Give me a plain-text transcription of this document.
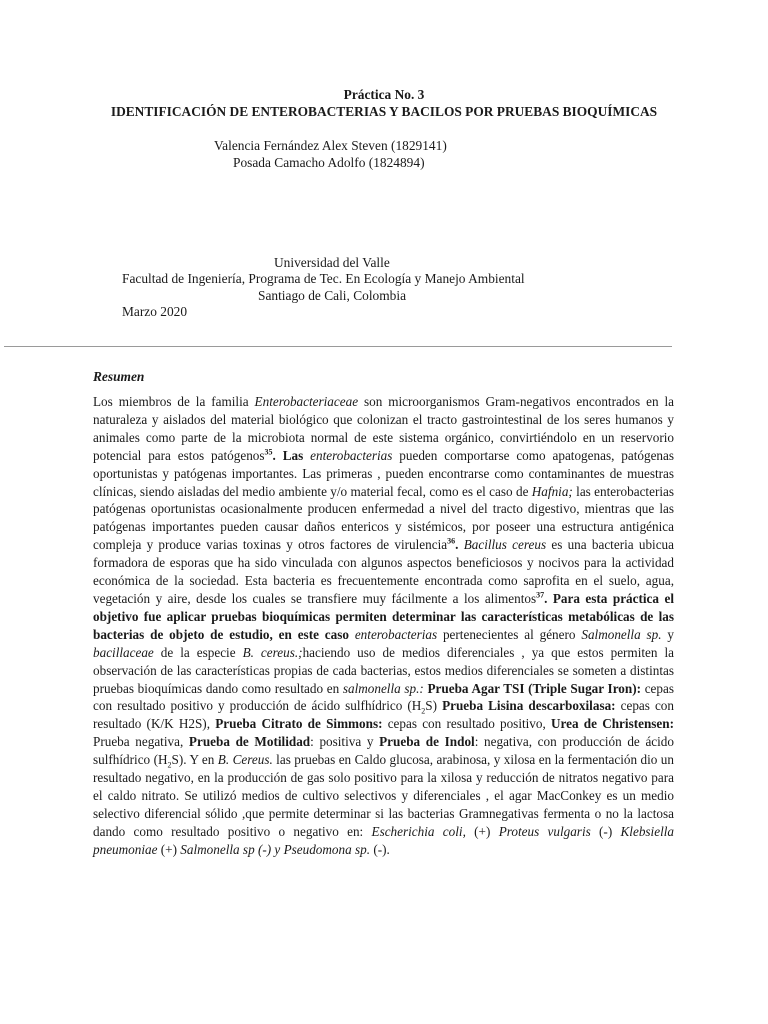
Práctica No. 3
IDENTIFICACIÓN DE ENTEROBACTERIAS Y BACILOS POR PRUEBAS BIOQUÍMICAS
Valencia Fernández Alex Steven (1829141)
Posada Camacho Adolfo (1824894)
Universidad del Valle
Facultad de Ingeniería, Programa de Tec. En Ecología y Manejo Ambiental
Santiago de Cali, Colombia
Marzo 2020
Resumen
Los miembros de la familia Enterobacteriaceae son microorganismos Gram-negativos encontrados en la naturaleza y aislados del material biológico que colonizan el tracto gastrointestinal de los seres humanos y animales como parte de la microbiota normal de este sistema orgánico, convirtiéndolo en un reservorio potencial para estos patógenos$^{35}$. Las enterobacterias pueden comportarse como apatogenas, patógenas oportunistas y patógenas importantes. Las primeras , pueden encontrarse como contaminantes de muestras clínicas, siendo aisladas del medio ambiente y/o material fecal, como es el caso de Hafnia; las enterobacterias patógenas oportunistas ocasionalmente producen enfermedad a nivel del tracto digestivo, mientras que las patógenas importantes pueden causar daños entericos y sistémicos, por poseer una estructura antigénica compleja y produce varias toxinas y otros factores de virulencia$^{36}$. Bacillus cereus es una bacteria ubicua formadora de esporas que ha sido vinculada con algunos aspectos beneficiosos y nocivos para la actividad económica de la sociedad. Esta bacteria es frecuentemente encontrada como saprofita en el suelo, agua, vegetación y aire, desde los cuales se transfiere muy fácilmente a los alimentos$^{37}$. Para esta práctica el objetivo fue aplicar pruebas bioquímicas permiten determinar las características metabólicas de las bacterias de objeto de estudio, en este caso enterobacterias pertenecientes al género Salmonella sp. y bacillaceae de la especie B. cereus.;haciendo uso de medios diferenciales , ya que estos permiten la observación de las características propias de cada bacterias, estos medios diferenciales se someten a distintas pruebas bioquímicas dando como resultado en salmonella sp.: Prueba Agar TSI (Triple Sugar Iron): cepas con resultado positivo y producción de ácido sulfhídrico $(H_2S)$ Prueba Lisina descarboxilasa: cepas con resultado (K/K H2S), Prueba Citrato de Simmons: cepas con resultado positivo, Urea de Christensen: Prueba negativa, Prueba de Motilidad: positiva y Prueba de Indol: negativa, con producción de ácido sulfhídrico $(H_2S)$. Y en B. Cereus. las pruebas en Caldo glucosa, arabinosa, y xilosa en la fermentación dio un resultado negativo, en la producción de gas solo positivo para la xilosa y reducción de nitratos negativo para el caldo nitrato. Se utilizó medios de cultivo selectivos y diferenciales , el agar MacConkey es un medio selectivo diferencial sólido ,que permite determinar si las bacterias Gramnegativas fermenta o no la lactosa dando como resultado positivo o negativo en: Escherichia coli, (+) Proteus vulgaris (-) Klebsiella pneumoniae (+) Salmonella sp (-) y Pseudomona sp. (-).
